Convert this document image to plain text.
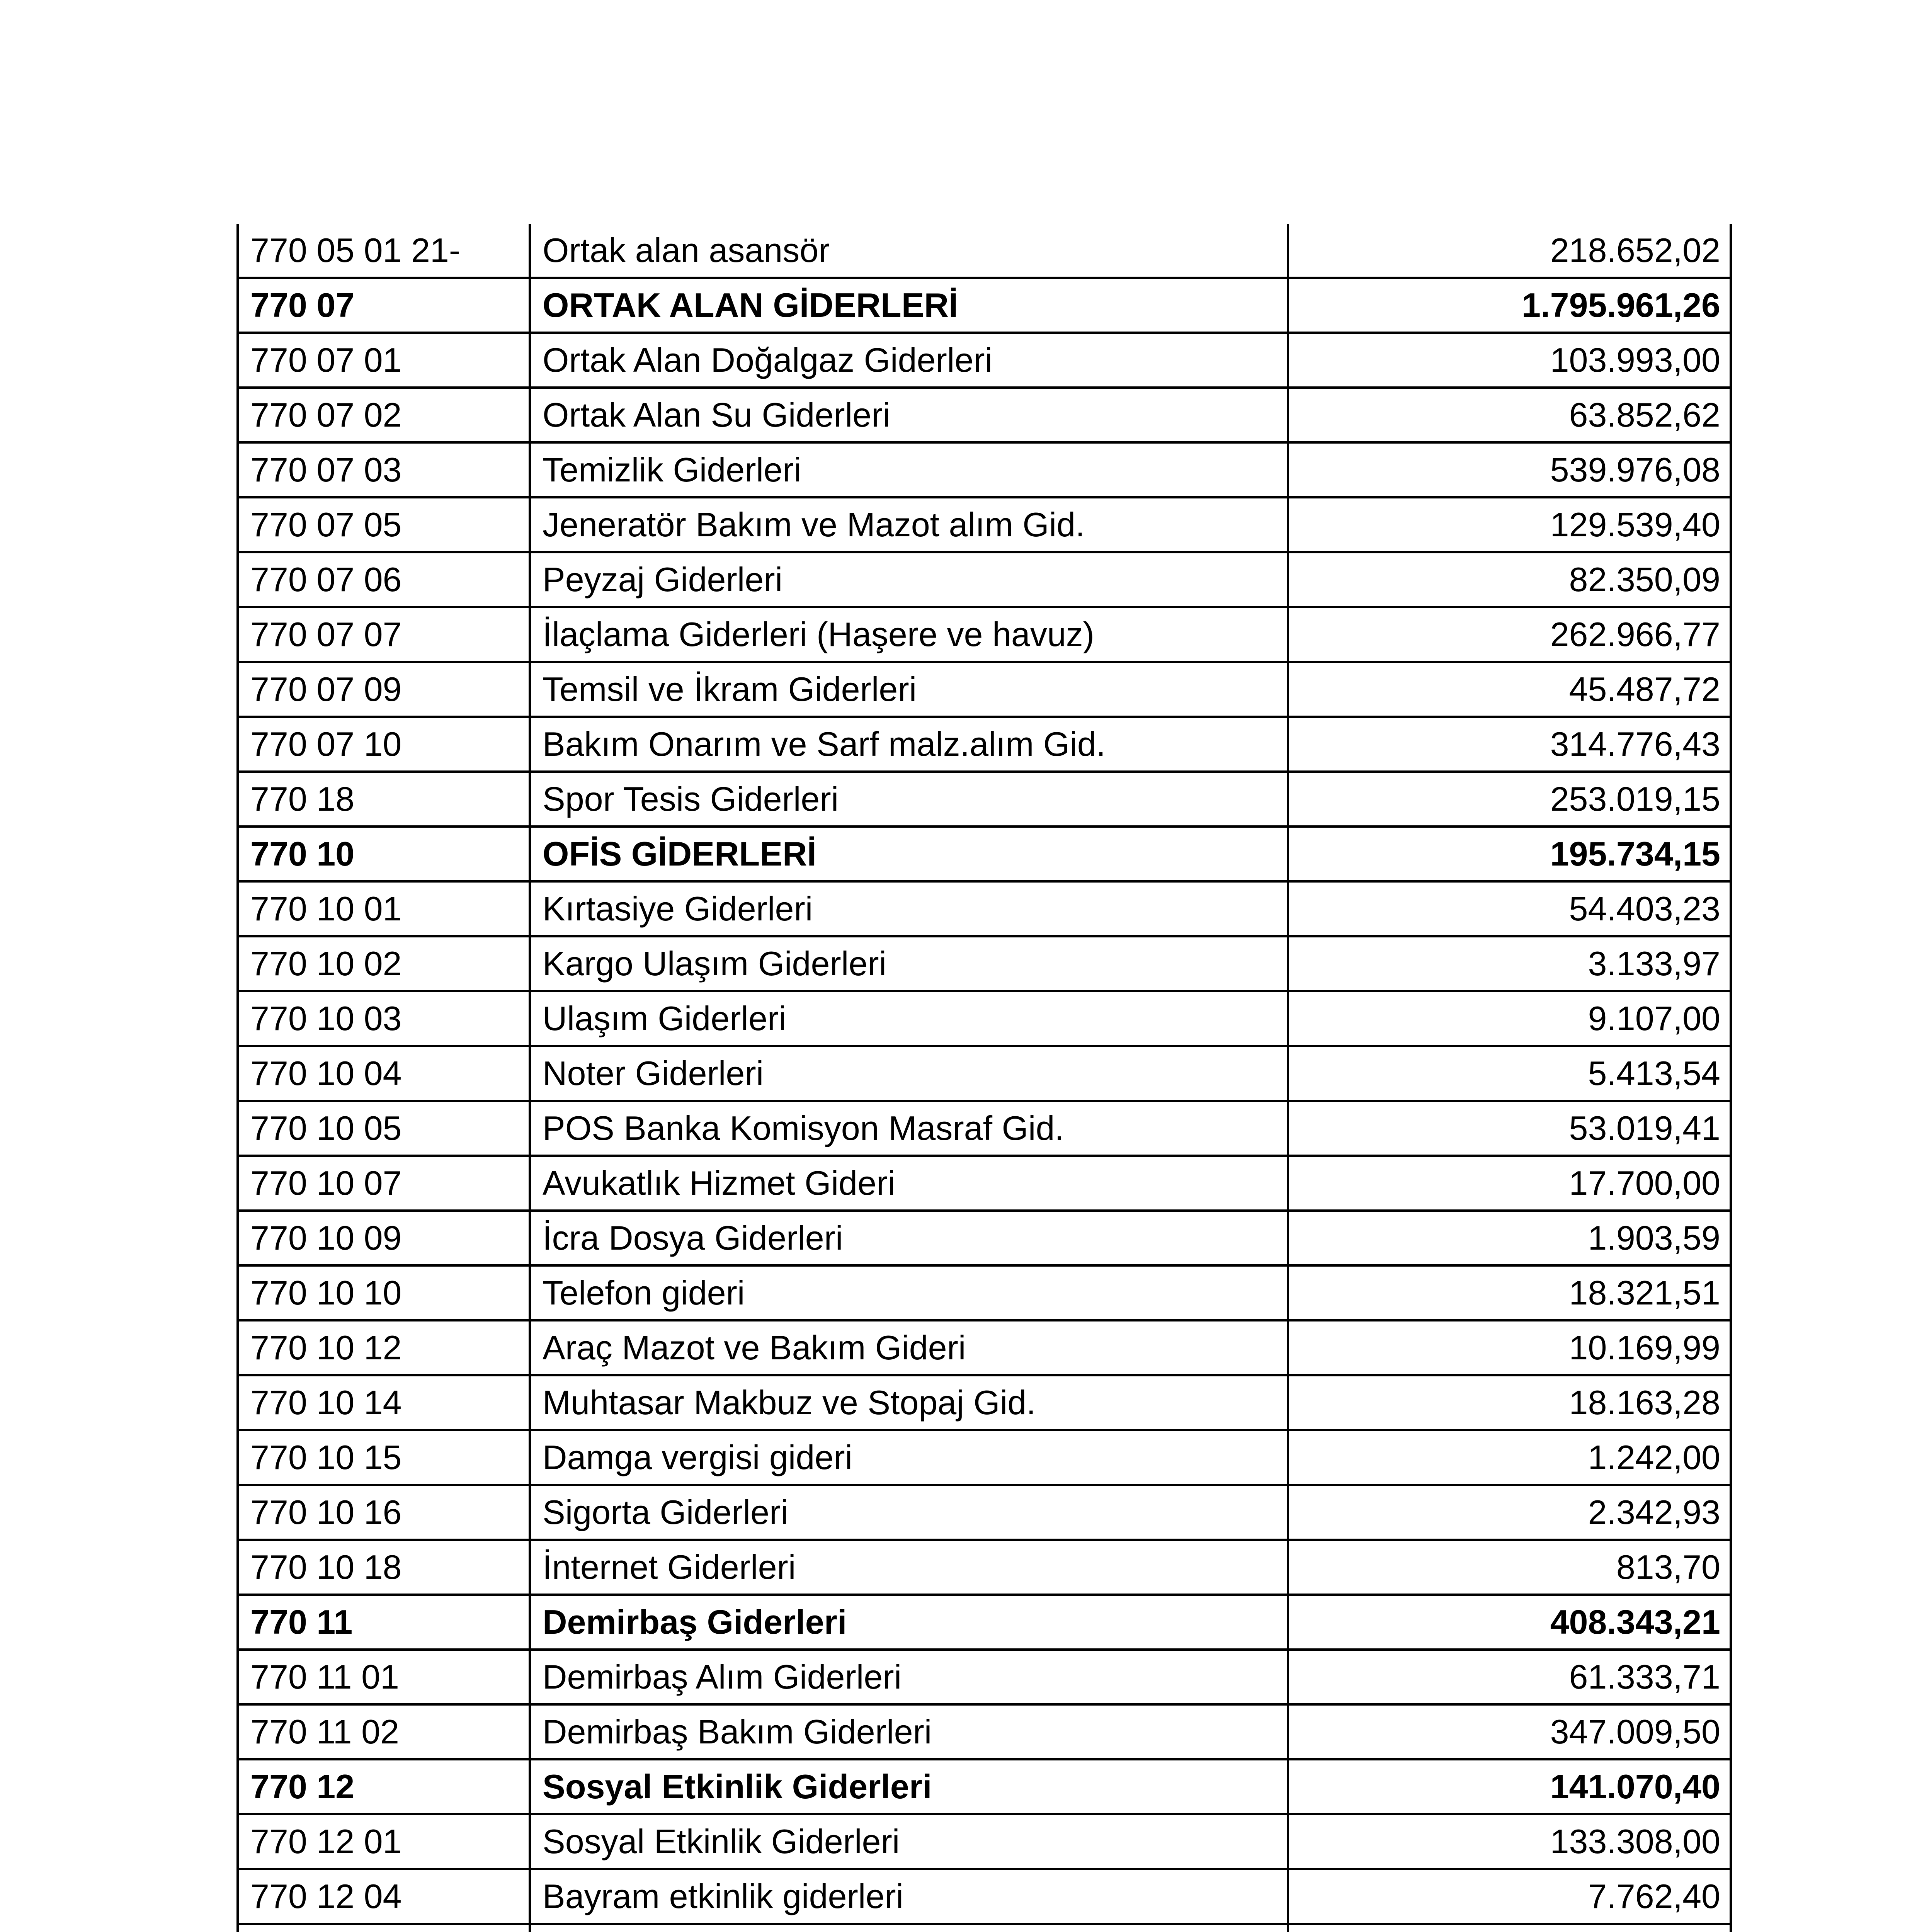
770 05 01 21-	Ortak alan asansör	218.652,02
770 07	ORTAK ALAN GİDERLERİ	1.795.961,26
770 07 01	Ortak Alan Doğalgaz Giderleri	103.993,00
770 07 02	Ortak Alan Su Giderleri	63.852,62
770 07 03	Temizlik Giderleri	539.976,08
770 07 05	Jeneratör Bakım ve Mazot alım Gid.	129.539,40
770 07 06	Peyzaj Giderleri	82.350,09
770 07 07	İlaçlama Giderleri (Haşere ve havuz)	262.966,77
770 07 09	Temsil ve İkram Giderleri	45.487,72
770 07 10	Bakım Onarım ve Sarf malz.alım Gid.	314.776,43
770 18	Spor Tesis Giderleri	253.019,15
770 10	OFİS GİDERLERİ	195.734,15
770 10 01	Kırtasiye Giderleri	54.403,23
770 10 02	Kargo Ulaşım Giderleri	3.133,97
770 10 03	Ulaşım Giderleri	9.107,00
770 10 04	Noter Giderleri	5.413,54
770 10 05	POS Banka Komisyon Masraf Gid.	53.019,41
770 10 07	Avukatlık Hizmet Gideri	17.700,00
770 10 09	İcra Dosya Giderleri	1.903,59
770 10 10	Telefon gideri	18.321,51
770 10 12	Araç Mazot ve Bakım Gideri	10.169,99
770 10 14	Muhtasar Makbuz ve Stopaj Gid.	18.163,28
770 10 15	Damga vergisi gideri	1.242,00
770 10 16	Sigorta Giderleri	2.342,93
770 10 18	İnternet Giderleri	813,70
770 11	Demirbaş Giderleri	408.343,21
770 11 01	Demirbaş Alım Giderleri	61.333,71
770 11 02	Demirbaş Bakım Giderleri	347.009,50
770 12	Sosyal Etkinlik Giderleri	141.070,40
770 12 01	Sosyal Etkinlik Giderleri	133.308,00
770 12 04	Bayram etkinlik giderleri	7.762,40
